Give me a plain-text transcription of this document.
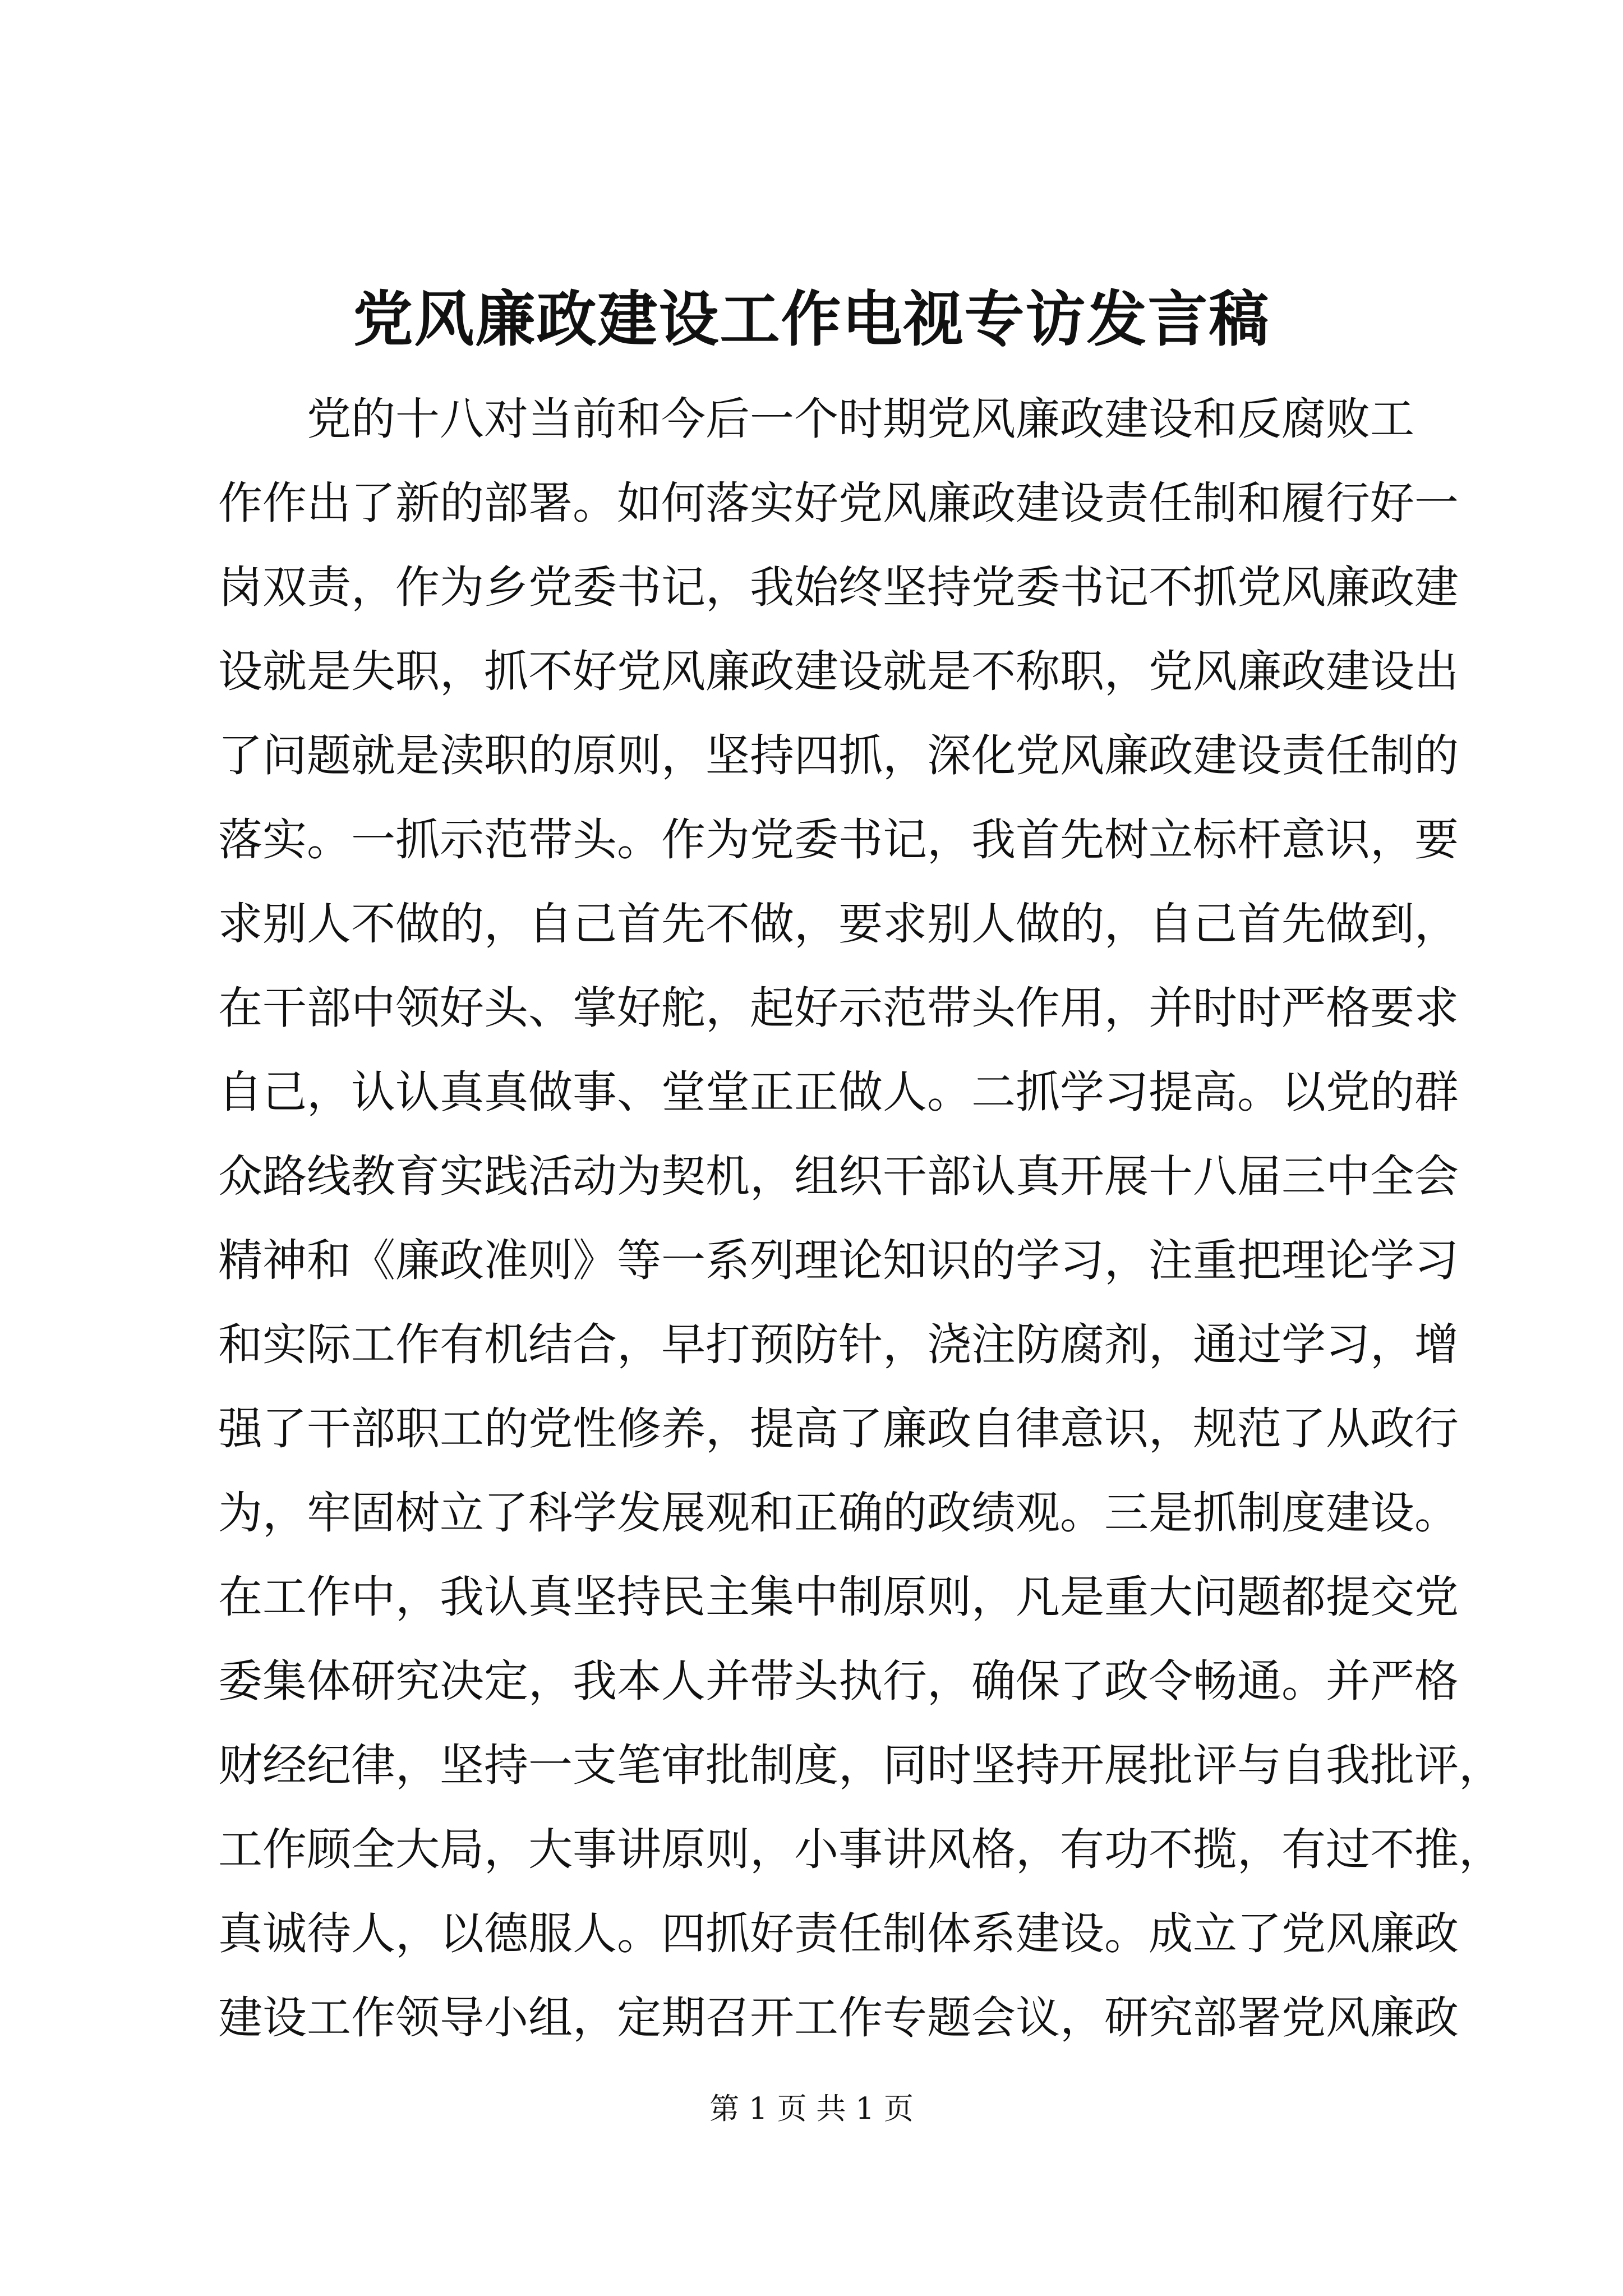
党风廉政建设工作电视专访发言稿
党的十八对当前和今后一个时期党风廉政建设和反腐败工
作作出了新的部署。如何落实好党风廉政建设责任制和履行好一
岗双责，作为乡党委书记，我始终坚持党委书记不抓党风廉政建
设就是失职，抓不好党风廉政建设就是不称职，党风廉政建设出
了问题就是渎职的原则，坚持四抓，深化党风廉政建设责任制的
落实。一抓示范带头。作为党委书记，我首先树立标杆意识，要
求别人不做的，自己首先不做，要求别人做的，自己首先做到，
在干部中领好头、掌好舵，起好示范带头作用，并时时严格要求
自己，认认真真做事、堂堂正正做人。二抓学习提高。以党的群
众路线教育实践活动为契机，组织干部认真开展十八届三中全会
精神和《廉政准则》等一系列理论知识的学习，注重把理论学习
和实际工作有机结合，早打预防针，浇注防腐剂，通过学习，增
强了干部职工的党性修养，提高了廉政自律意识，规范了从政行
为，牢固树立了科学发展观和正确的政绩观。三是抓制度建设。
在工作中，我认真坚持民主集中制原则，凡是重大问题都提交党
委集体研究决定，我本人并带头执行，确保了政令畅通。并严格
财经纪律，坚持一支笔审批制度，同时坚持开展批评与自我批评，
工作顾全大局，大事讲原则，小事讲风格，有功不揽，有过不推，
真诚待人，以德服人。四抓好责任制体系建设。成立了党风廉政
建设工作领导小组，定期召开工作专题会议，研究部署党风廉政
第 1 页 共 1 页
